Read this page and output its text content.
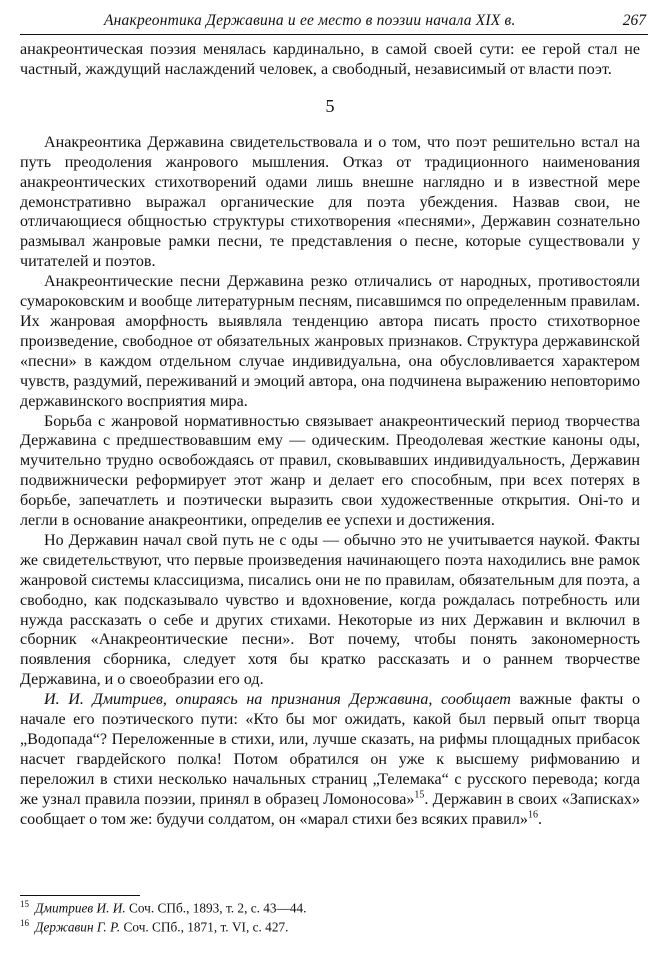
Анакреонтика Державина и ее место в поэзии начала XIX в.	267

анакреонтическая поэзия менялась кардинально, в самой своей сути: ее герой стал не частный, жаждущий наслаждений человек, а свободный, независимый от власти поэт.

5

Анакреонтика Державина свидетельствовала и о том, что поэт решительно встал на путь преодоления жанрового мышления. Отказ от традиционного наименования анакреонтических стихотворений одами лишь внешне наглядно и в известной мере демонстративно выражал органические для поэта убеждения. Назвав свои, не отличающиеся общностью структуры стихотворения «песнями», Державин сознательно размывал жанровые рамки песни, те представления о песне, которые существовали у читателей и поэтов.

Анакреонтические песни Державина резко отличались от народных, противостояли сумароковским и вообще литературным песням, писавшимся по определенным правилам. Их жанровая аморфность выявляла тенденцию автора писать просто стихотворное произведение, свободное от обязательных жанровых признаков. Структура державинской «песни» в каждом отдельном случае индивидуальна, она обусловливается характером чувств, раздумий, переживаний и эмоций автора, она подчинена выражению неповторимо державинского восприятия мира.

Борьба с жанровой нормативностью связывает анакреонтический период творчества Державина с предшествовавшим ему — одическим. Преодолевая жесткие каноны оды, мучительно трудно освобождаясь от правил, сковывавших индивидуальность, Державин подвижнически реформирует этот жанр и делает его способным, при всех потерях в борьбе, запечатлеть и поэтически выразить свои художественные открытия. Оні-то и легли в основание анакреонтики, определив ее успехи и достижения.

Но Державин начал свой путь не с оды — обычно это не учитывается наукой. Факты же свидетельствуют, что первые произведения начинающего поэта находились вне рамок жанровой системы классицизма, писались они не по правилам, обязательным для поэта, а свободно, как подсказывало чувство и вдохновение, когда рождалась потребность или нужда рассказать о себе и других стихами. Некоторые из них Державин и включил в сборник «Анакреонтические песни». Вот почему, чтобы понять закономерность появления сборника, следует хотя бы кратко рассказать и о раннем творчестве Державина, и о своеобразии его од.

И. И. Дмитриев, опираясь на признания Державина, сообщает важные факты о начале его поэтического пути: «Кто бы мог ожидать, какой был первый опыт творца „Водопада“? Переложенные в стихи, или, лучше сказать, на рифмы площадных прибасок насчет гвардейского полка! Потом обратился он уже к высшему рифмованию и переложил в стихи несколько начальных страниц „Телемака“ с русского перевода; когда же узнал правила поэзии, принял в образец Ломоносова»$^{15}$. Державин в своих «Записках» сообщает о том же: будучи солдатом, он «марал стихи без всяких правил»$^{16}$.

$^{15}$ Дмитриев И. И. Соч. СПб., 1893, т. 2, с. 43—44.

$^{16}$ Державин Г. Р. Соч. СПб., 1871, т. VI, с. 427.
